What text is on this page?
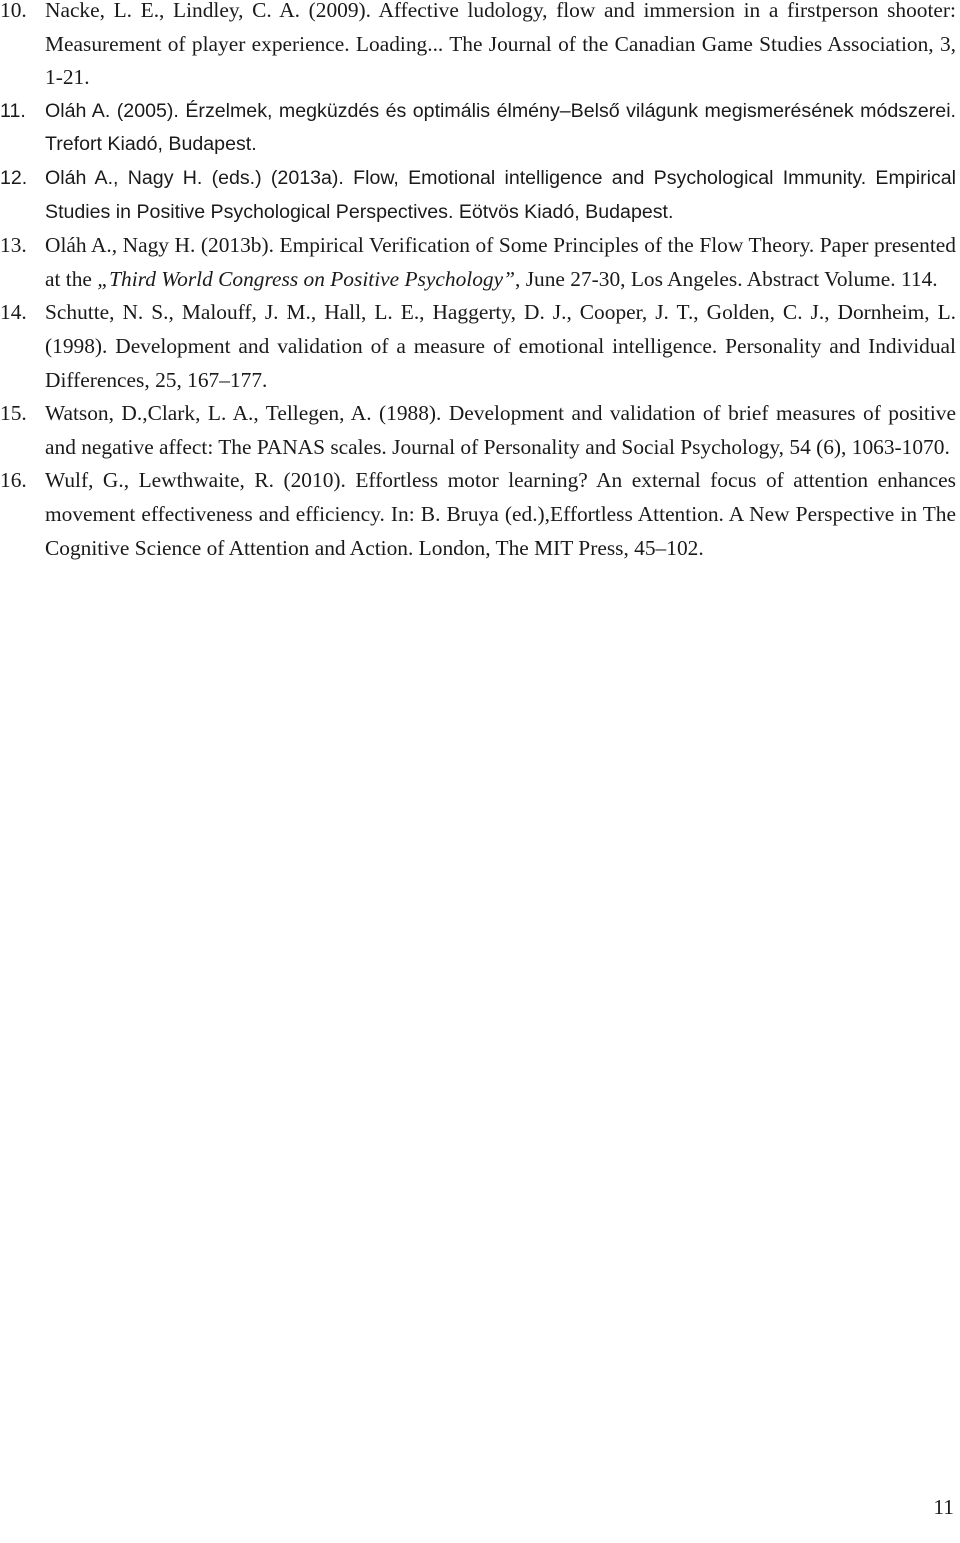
10. Nacke, L. E., Lindley, C. A. (2009). Affective ludology, flow and immersion in a firstperson shooter: Measurement of player experience. Loading... The Journal of the Canadian Game Studies Association, 3, 1-21.
11. Oláh A. (2005). Érzelmek, megküzdés és optimális élmény–Belső világunk megismerésének módszerei. Trefort Kiadó, Budapest.
12. Oláh A., Nagy H. (eds.) (2013a). Flow, Emotional intelligence and Psychological Immunity. Empirical Studies in Positive Psychological Perspectives. Eötvös Kiadó, Budapest.
13. Oláh A., Nagy H. (2013b). Empirical Verification of Some Principles of the Flow Theory. Paper presented at the „Third World Congress on Positive Psychology”, June 27-30, Los Angeles. Abstract Volume. 114.
14. Schutte, N. S., Malouff, J. M., Hall, L. E., Haggerty, D. J., Cooper, J. T., Golden, C. J., Dornheim, L. (1998). Development and validation of a measure of emotional intelligence. Personality and Individual Differences, 25, 167–177.
15. Watson, D.,Clark, L. A., Tellegen, A. (1988). Development and validation of brief measures of positive and negative affect: The PANAS scales. Journal of Personality and Social Psychology, 54 (6), 1063-1070.
16. Wulf, G., Lewthwaite, R. (2010). Effortless motor learning? An external focus of attention enhances movement effectiveness and efficiency. In: B. Bruya (ed.),Effortless Attention. A New Perspective in The Cognitive Science of Attention and Action. London, The MIT Press, 45–102.
11
